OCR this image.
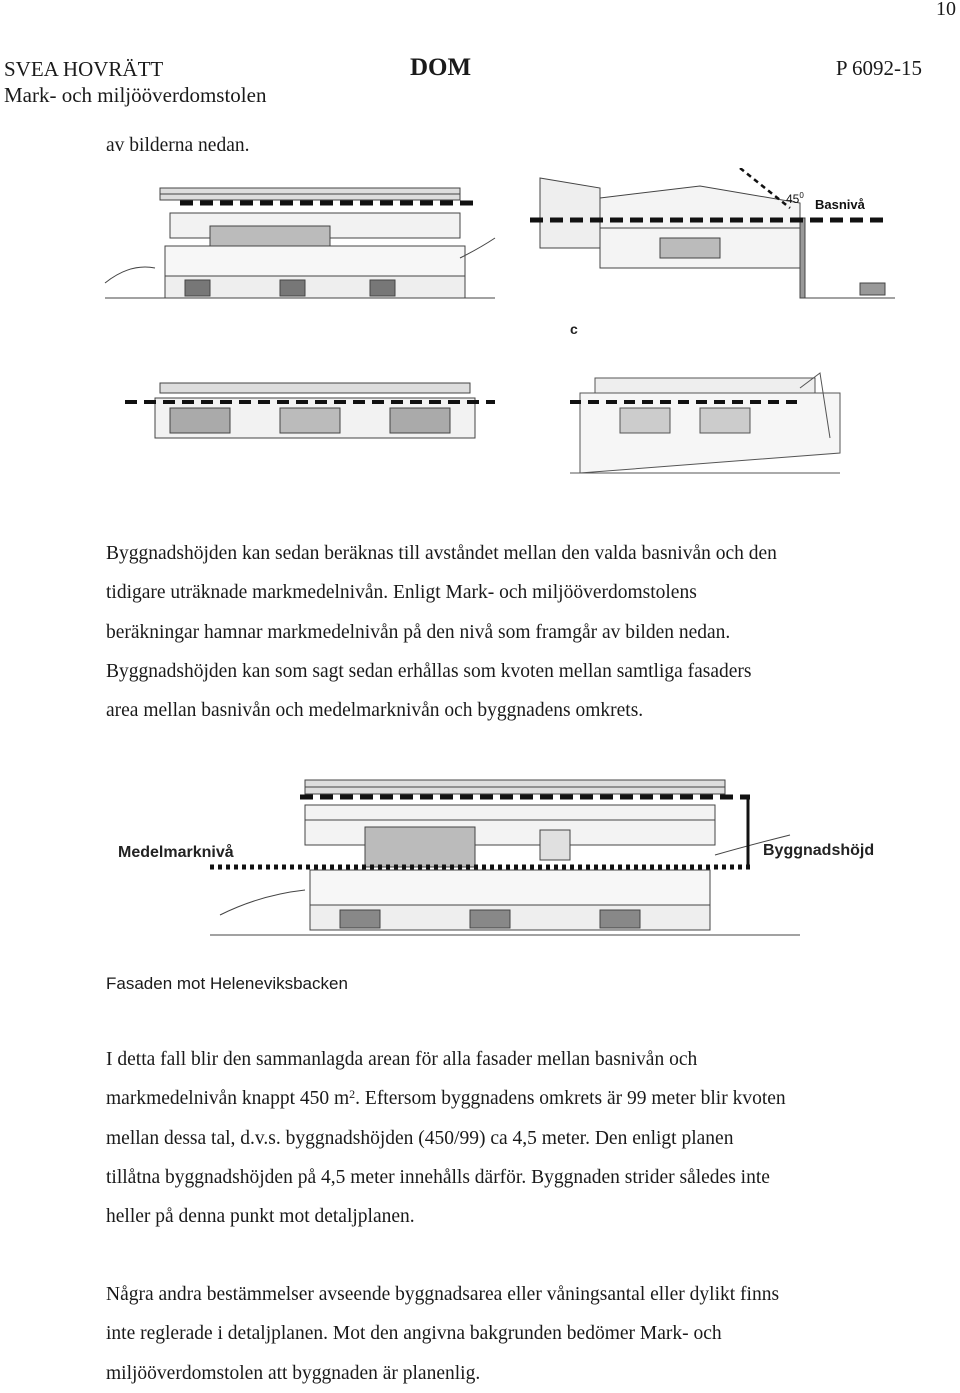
10
SVEA HOVRÄTT
Mark- och miljööverdomstolen
DOM	P 6092-15
av bilderna nedan.
$45^0$
Basnivå
c

Byggnadshöjden kan sedan beräknas till avståndet mellan den valda basnivån och den

tidigare uträknade markmedelnivån. Enligt Mark- och miljööverdomstolens

beräkningar hamnar markmedelnivån på den nivå som framgår av bilden nedan.

Byggnadshöjden kan som sagt sedan erhållas som kvoten mellan samtliga fasaders

area mellan basnivån och medelmarknivån och byggnadens omkrets.

Medelmarknivå	Byggnadshöjd
Fasaden mot Heleneviksbacken

I detta fall blir den sammanlagda arean för alla fasader mellan basnivån och

markmedelnivån knappt 450 $m^2$. Eftersom byggnadens omkrets är 99 meter blir kvoten

mellan dessa tal, d.v.s. byggnadshöjden (450/99) ca 4,5 meter. Den enligt planen

tillåtna byggnadshöjden på 4,5 meter innehålls därför. Byggnaden strider således inte

heller på denna punkt mot detaljplanen.

Några andra bestämmelser avseende byggnadsarea eller våningsantal eller dylikt finns

inte reglerade i detaljplanen. Mot den angivna bakgrunden bedömer Mark- och

miljööverdomstolen att byggnaden är planenlig.
